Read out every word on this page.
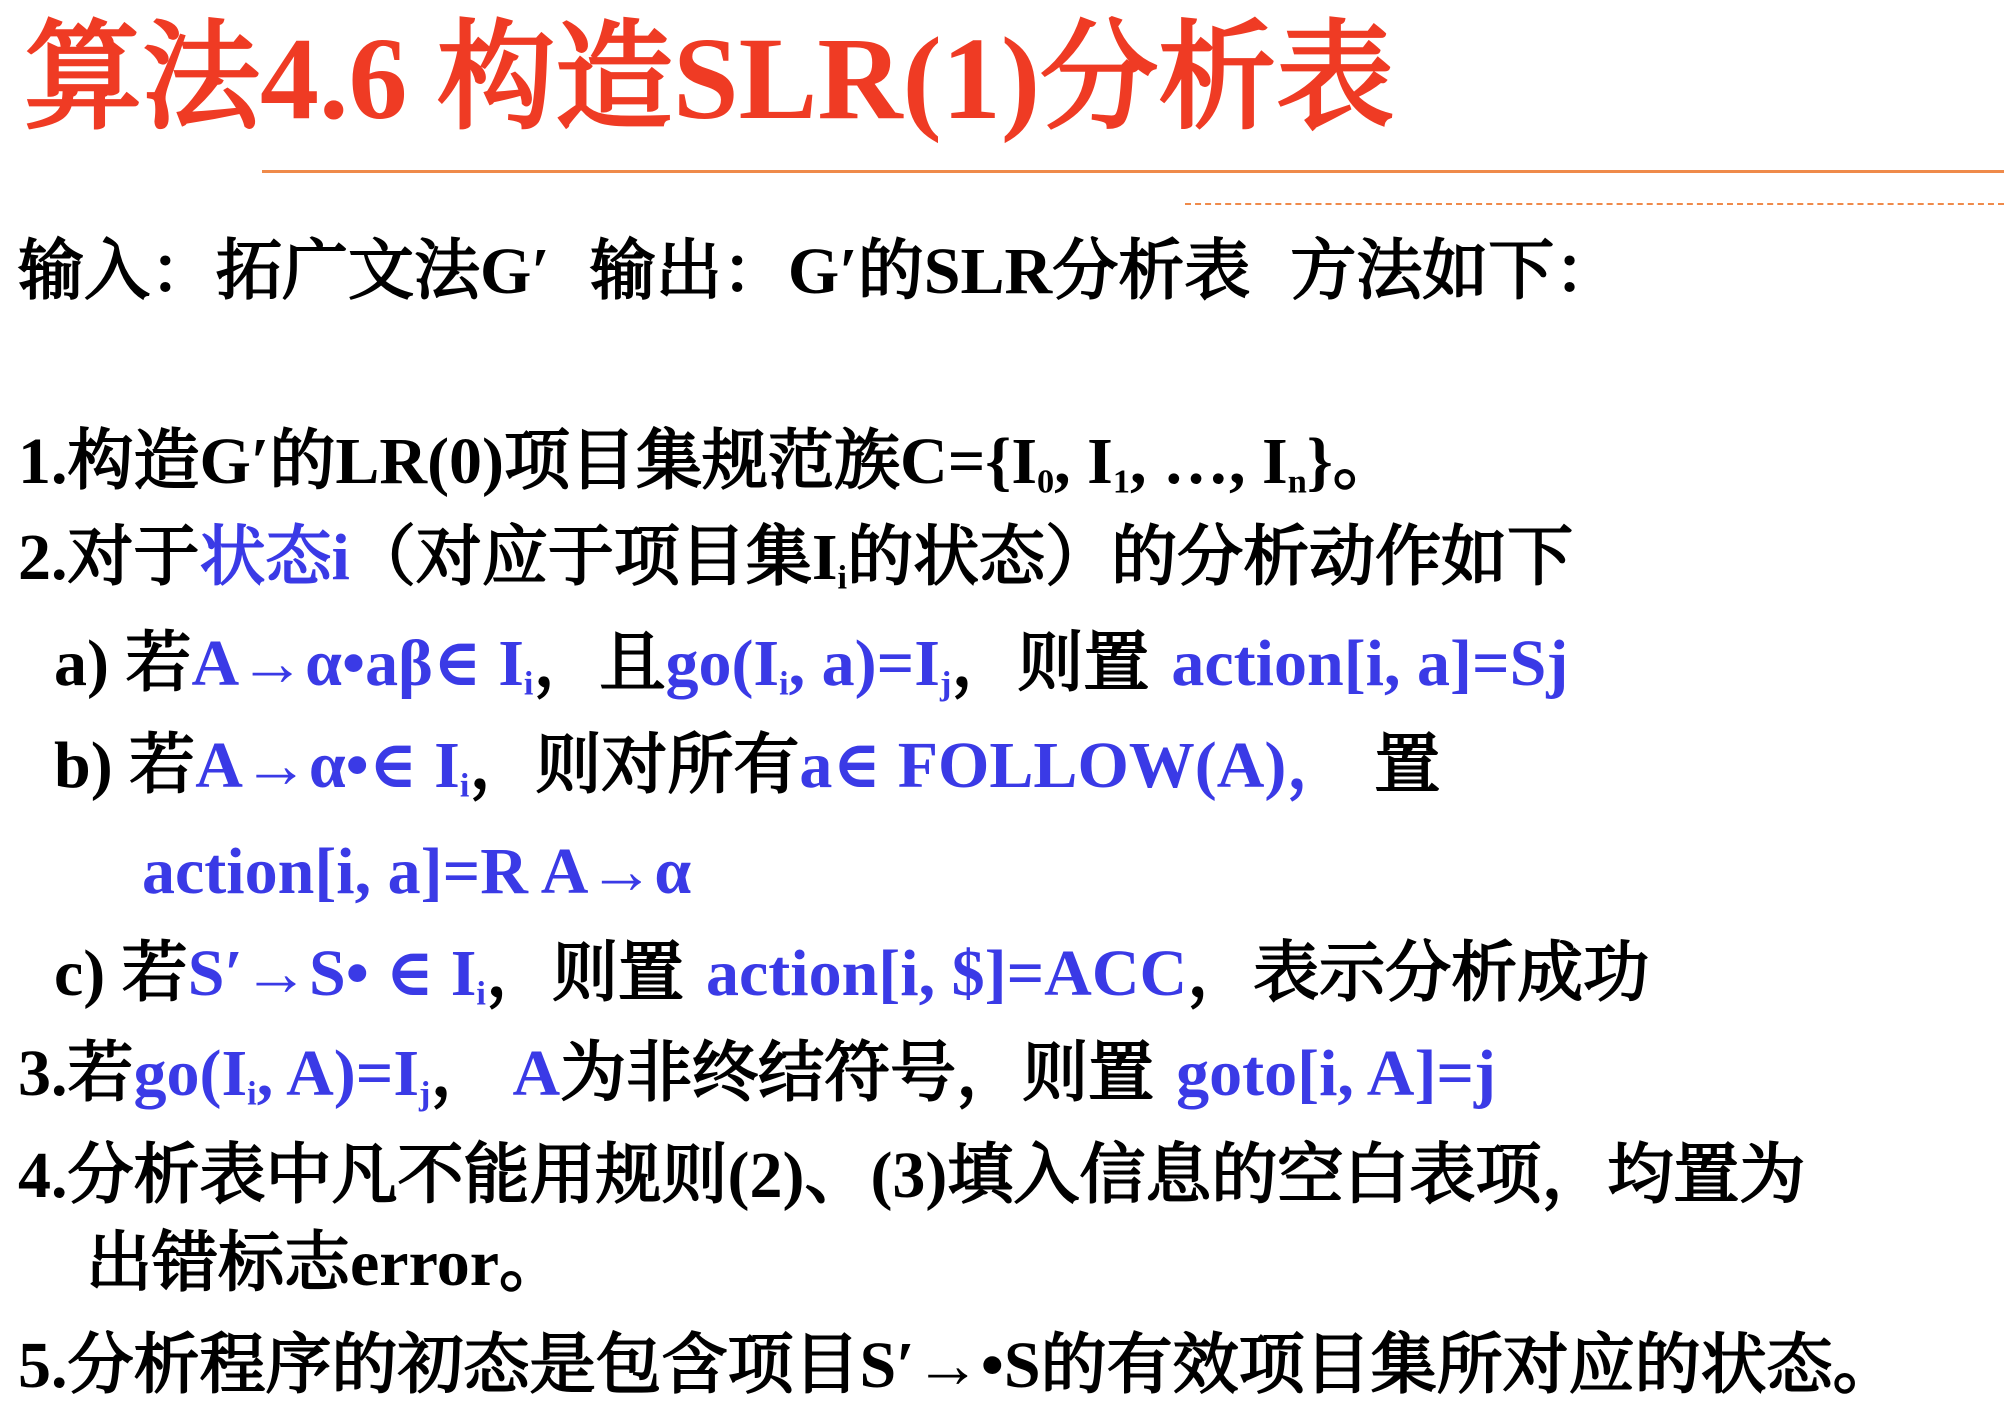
算法4.6 构造SLR(1)分析表
输入：拓广文法G′ 输出：G′的SLR分析表 方法如下：
1.构造G′的LR(0)项目集规范族$C=\{I_0$, $I_1$, …, $I_n$}。
2.对于状态i（对应于项目集$I_i$的状态）的分析动作如下
a) 若A→α•aβ∈ $I_i$，且$go(I_i$, $a)=I_j$，则置 action[i, a]=Sj
b) 若A→α•∈ $I_i$，则对所有a∈ FOLLOW(A)， 置
action[i, a]=R A→α
c) 若S′→S• ∈ $I_i$，则置 action[i, $]=ACC，表示分析成功
3.若$go(I_i$, $A)=I_j$， A为非终结符号，则置 goto[i, A]=j
4.分析表中凡不能用规则(2)、(3)填入信息的空白表项，均置为
出错标志error。
5.分析程序的初态是包含项目S′→•S的有效项目集所对应的状态。
